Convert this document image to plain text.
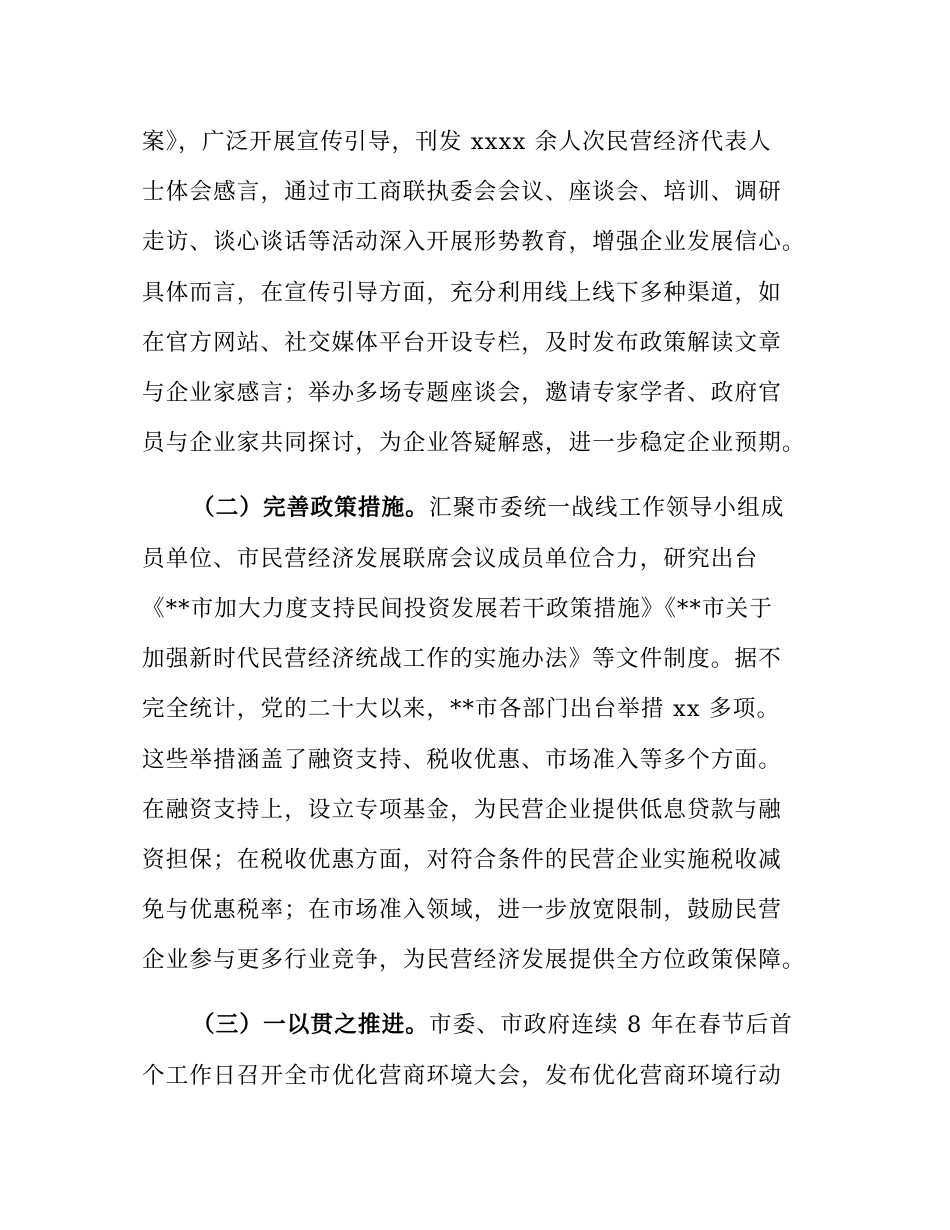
案》，广泛开展宣传引导，刊发 xxxx 余人次民营经济代表人
士体会感言，通过市工商联执委会会议、座谈会、培训、调研
走访、谈心谈话等活动深入开展形势教育，增强企业发展信心。
具体而言，在宣传引导方面，充分利用线上线下多种渠道，如
在官方网站、社交媒体平台开设专栏，及时发布政策解读文章
与企业家感言；举办多场专题座谈会，邀请专家学者、政府官
员与企业家共同探讨，为企业答疑解惑，进一步稳定企业预期。
（二）完善政策措施。汇聚市委统一战线工作领导小组成
员单位、市民营经济发展联席会议成员单位合力，研究出台
《**市加大力度支持民间投资发展若干政策措施》《**市关于
加强新时代民营经济统战工作的实施办法》等文件制度。据不
完全统计，党的二十大以来，**市各部门出台举措 xx 多项。
这些举措涵盖了融资支持、税收优惠、市场准入等多个方面。
在融资支持上，设立专项基金，为民营企业提供低息贷款与融
资担保；在税收优惠方面，对符合条件的民营企业实施税收减
免与优惠税率；在市场准入领域，进一步放宽限制，鼓励民营
企业参与更多行业竞争，为民营经济发展提供全方位政策保障。
（三）一以贯之推进。市委、市政府连续 8 年在春节后首
个工作日召开全市优化营商环境大会，发布优化营商环境行动
